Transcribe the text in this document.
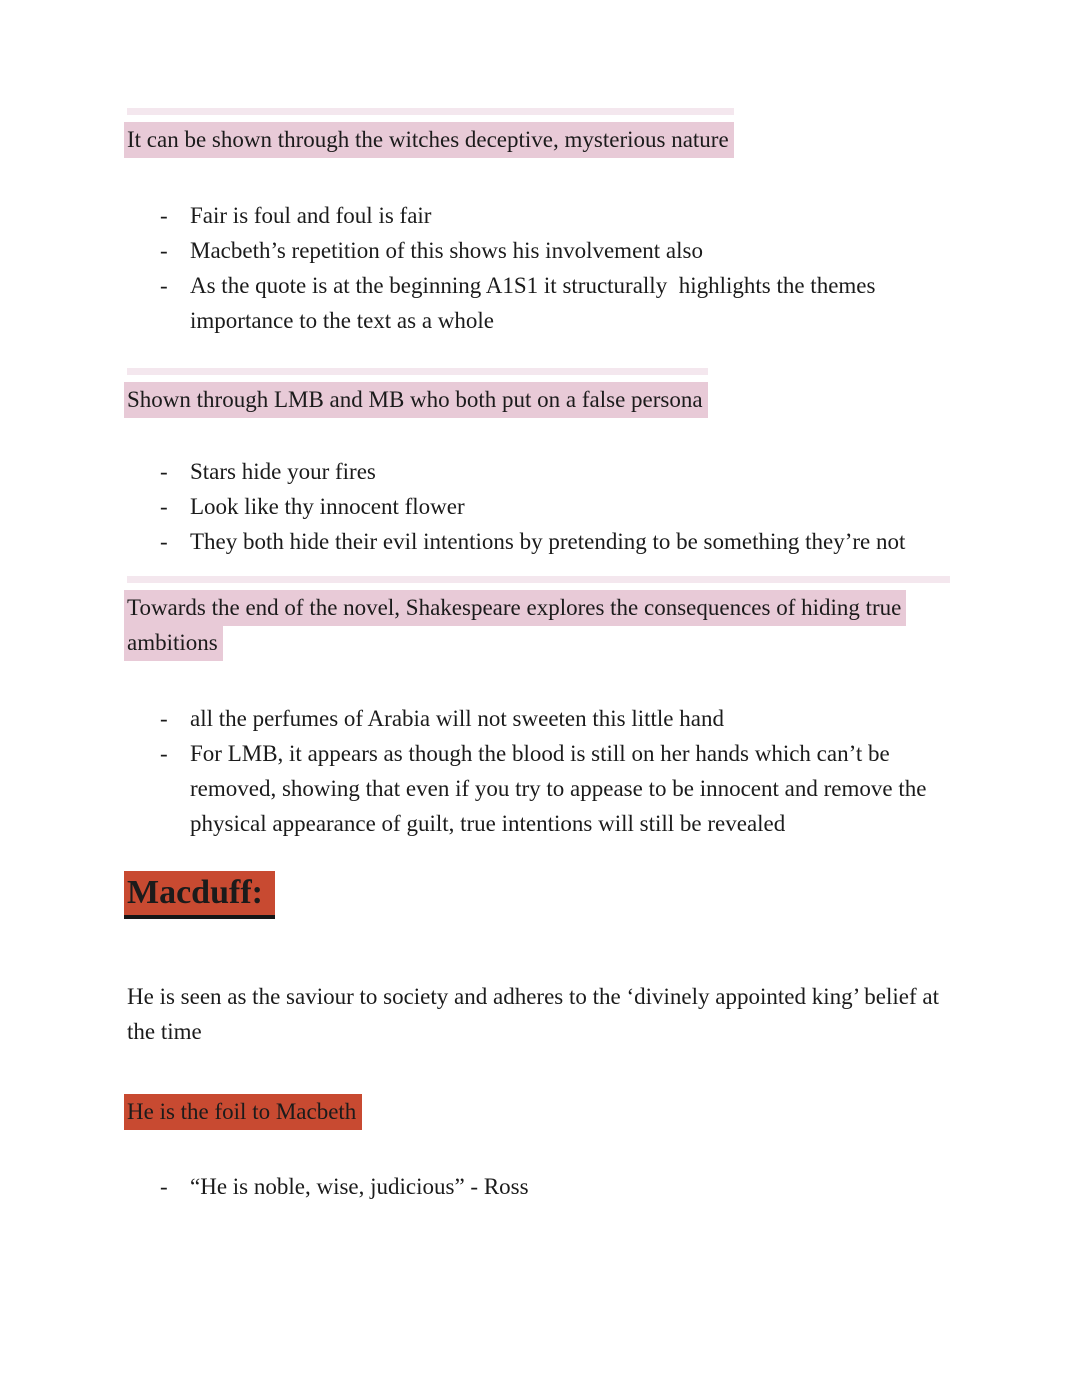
It can be shown through the witches deceptive, mysterious nature

- Fair is foul and foul is fair
- Macbeth’s repetition of this shows his involvement also
- As the quote is at the beginning A1S1 it structurally  highlights the themes importance to the text as a whole

Shown through LMB and MB who both put on a false persona

- Stars hide your fires
- Look like thy innocent flower
- They both hide their evil intentions by pretending to be something they’re not

Towards the end of the novel, Shakespeare explores the consequences of hiding true ambitions

- all the perfumes of Arabia will not sweeten this little hand
- For LMB, it appears as though the blood is still on her hands which can’t be removed, showing that even if you try to appease to be innocent and remove the physical appearance of guilt, true intentions will still be revealed
Macduff:

He is seen as the saviour to society and adheres to the ‘divinely appointed king’ belief at the time

He is the foil to Macbeth

- “He is noble, wise, judicious” - Ross
